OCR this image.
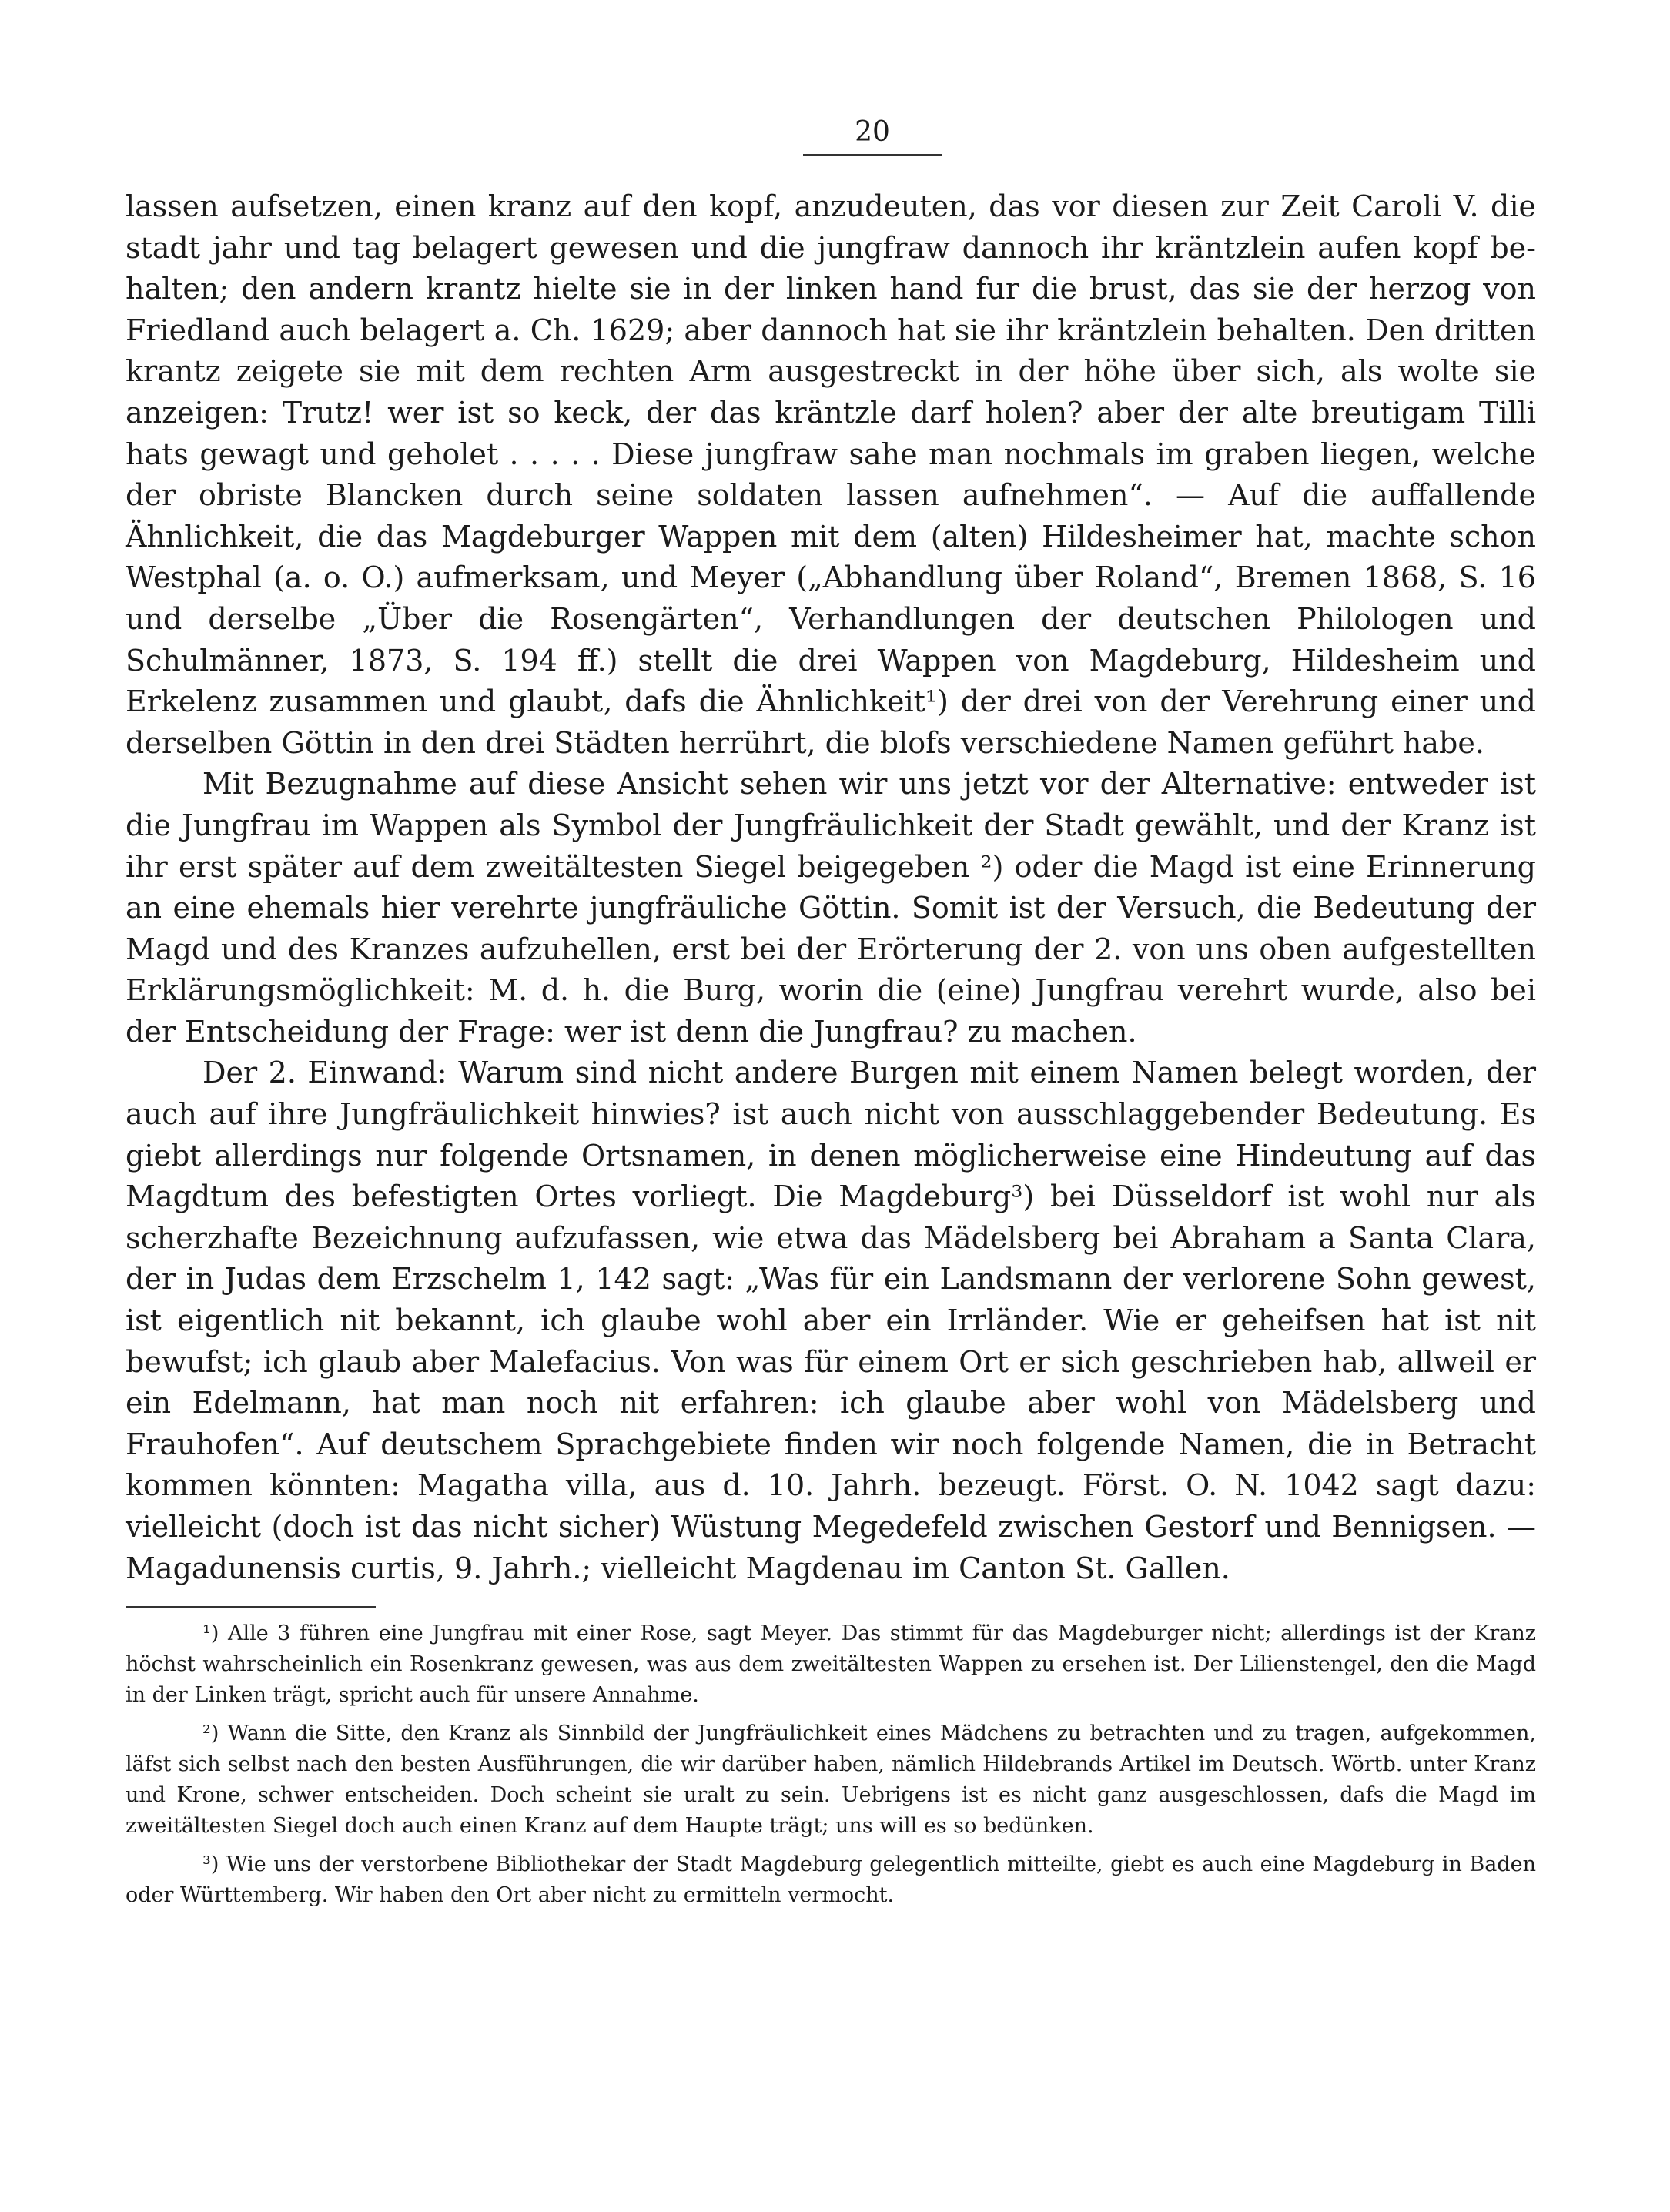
20

lassen aufsetzen, einen kranz auf den kopf, anzudeuten, das vor diesen zur Zeit Caroli V. die stadt jahr und tag belagert gewesen und die jungfraw dannoch ihr kräntzlein aufen kopf behalten; den andern krantz hielte sie in der linken hand fur die brust, das sie der herzog von Friedland auch belagert a. Ch. 1629; aber dannoch hat sie ihr kräntzlein behalten. Den dritten krantz zeigete sie mit dem rechten Arm ausgestreckt in der höhe über sich, als wolte sie anzeigen: Trutz! wer ist so keck, der das kräntzle darf holen? aber der alte breutigam Tilli hats gewagt und geholet . . . . . Diese jungfraw sahe man nochmals im graben liegen, welche der obriste Blancken durch seine soldaten lassen aufnehmen“. — Auf die auffallende Ähnlichkeit, die das Magdeburger Wappen mit dem (alten) Hildesheimer hat, machte schon Westphal (a. o. O.) aufmerksam, und Meyer („Abhandlung über Roland“, Bremen 1868, S. 16 und derselbe „Über die Rosengärten“, Verhandlungen der deutschen Philologen und Schulmänner, 1873, S. 194 ff.) stellt die drei Wappen von Magdeburg, Hildesheim und Erkelenz zusammen und glaubt, dafs die Ähnlichkeit¹) der drei von der Verehrung einer und derselben Göttin in den drei Städten herrührt, die blofs verschiedene Namen geführt habe.

Mit Bezugnahme auf diese Ansicht sehen wir uns jetzt vor der Alternative: entweder ist die Jungfrau im Wappen als Symbol der Jungfräulichkeit der Stadt gewählt, und der Kranz ist ihr erst später auf dem zweitältesten Siegel beigegeben ²) oder die Magd ist eine Erinnerung an eine ehemals hier verehrte jungfräuliche Göttin. Somit ist der Versuch, die Bedeutung der Magd und des Kranzes aufzuhellen, erst bei der Erörterung der 2. von uns oben aufgestellten Erklärungsmöglichkeit: M. d. h. die Burg, worin die (eine) Jungfrau verehrt wurde, also bei der Entscheidung der Frage: wer ist denn die Jungfrau? zu machen.

Der 2. Einwand: Warum sind nicht andere Burgen mit einem Namen belegt worden, der auch auf ihre Jungfräulichkeit hinwies? ist auch nicht von ausschlaggebender Bedeutung. Es giebt allerdings nur folgende Ortsnamen, in denen möglicherweise eine Hindeutung auf das Magdtum des befestigten Ortes vorliegt. Die Magdeburg³) bei Düsseldorf ist wohl nur als scherzhafte Bezeichnung aufzufassen, wie etwa das Mädelsberg bei Abraham a Santa Clara, der in Judas dem Erzschelm 1, 142 sagt: „Was für ein Landsmann der verlorene Sohn gewest, ist eigentlich nit bekannt, ich glaube wohl aber ein Irrländer. Wie er geheifsen hat ist nit bewufst; ich glaub aber Malefacius. Von was für einem Ort er sich geschrieben hab, allweil er ein Edelmann, hat man noch nit erfahren: ich glaube aber wohl von Mädelsberg und Frauhofen“. Auf deutschem Sprachgebiete finden wir noch folgende Namen, die in Betracht kommen könnten: Magatha villa, aus d. 10. Jahrh. bezeugt. Först. O. N. 1042 sagt dazu: vielleicht (doch ist das nicht sicher) Wüstung Megedefeld zwischen Gestorf und Bennigsen. — Magadunensis curtis, 9. Jahrh.; vielleicht Magdenau im Canton St. Gallen.

¹) Alle 3 führen eine Jungfrau mit einer Rose, sagt Meyer. Das stimmt für das Magdeburger nicht; allerdings ist der Kranz höchst wahrscheinlich ein Rosenkranz gewesen, was aus dem zweitältesten Wappen zu ersehen ist. Der Lilienstengel, den die Magd in der Linken trägt, spricht auch für unsere Annahme.

²) Wann die Sitte, den Kranz als Sinnbild der Jungfräulichkeit eines Mädchens zu betrachten und zu tragen, aufgekommen, läfst sich selbst nach den besten Ausführungen, die wir darüber haben, nämlich Hildebrands Artikel im Deutsch. Wörtb. unter Kranz und Krone, schwer entscheiden. Doch scheint sie uralt zu sein. Uebrigens ist es nicht ganz ausgeschlossen, dafs die Magd im zweitältesten Siegel doch auch einen Kranz auf dem Haupte trägt; uns will es so bedünken.

³) Wie uns der verstorbene Bibliothekar der Stadt Magdeburg gelegentlich mitteilte, giebt es auch eine Magdeburg in Baden oder Württemberg. Wir haben den Ort aber nicht zu ermitteln vermocht.
